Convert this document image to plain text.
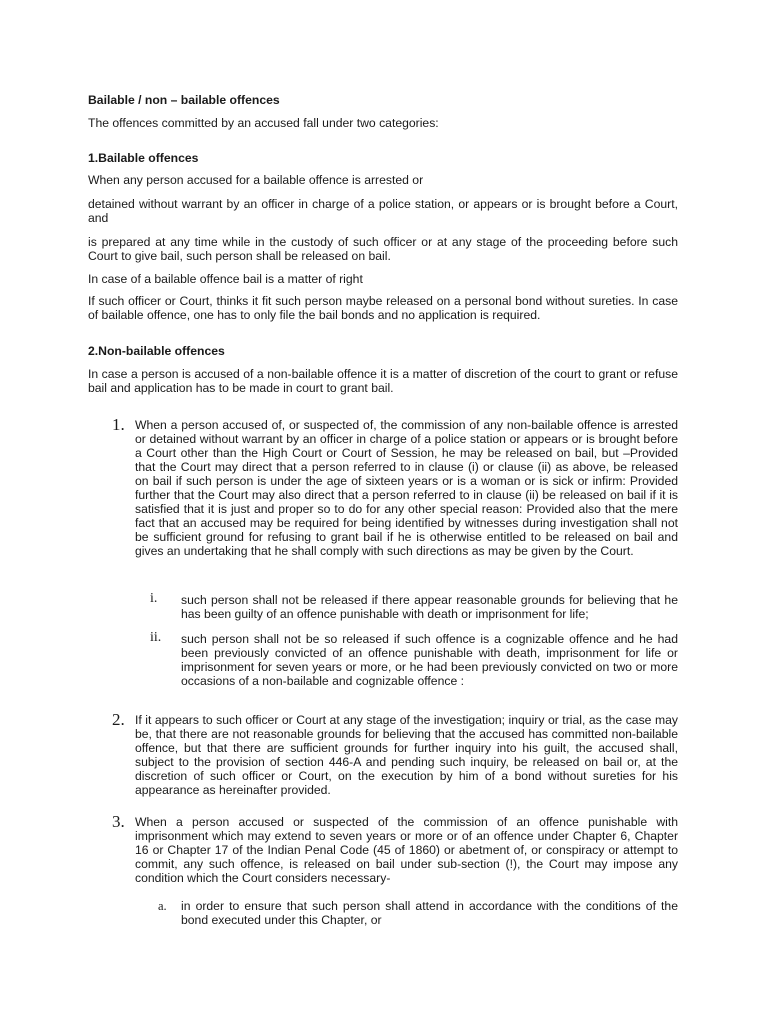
Bailable / non – bailable offences

The offences committed by an accused fall under two categories:

1.Bailable offences

When any person accused for a bailable offence is arrested or

detained without warrant by an officer in charge of a police station, or appears or is brought before a Court, and

is prepared at any time while in the custody of such officer or at any stage of the proceeding before such Court to give bail, such person shall be released on bail.

In case of a bailable offence bail is a matter of right

If such officer or Court, thinks it fit such person maybe released on a personal bond without sureties. In case of bailable offence, one has to only file the bail bonds and no application is required.

2.Non-bailable offences

In case a person is accused of a non-bailable offence it is a matter of discretion of the court to grant or refuse bail and application has to be made in court to grant bail.

1. When a person accused of, or suspected of, the commission of any non-bailable offence is arrested or detained without warrant by an officer in charge of a police station or appears or is brought before a Court other than the High Court or Court of Session, he may be released on bail, but –Provided that the Court may direct that a person referred to in clause (i) or clause (ii) as above, be released on bail if such person is under the age of sixteen years or is a woman or is sick or infirm: Provided further that the Court may also direct that a person referred to in clause (ii) be released on bail if it is satisfied that it is just and proper so to do for any other special reason: Provided also that the mere fact that an accused may be required for being identified by witnesses during investigation shall not be sufficient ground for refusing to grant bail if he is otherwise entitled to be released on bail and gives an undertaking that he shall comply with such directions as may be given by the Court.

i. such person shall not be released if there appear reasonable grounds for believing that he has been guilty of an offence punishable with death or imprisonment for life;

ii. such person shall not be so released if such offence is a cognizable offence and he had been previously convicted of an offence punishable with death, imprisonment for life or imprisonment for seven years or more, or he had been previously convicted on two or more occasions of a non-bailable and cognizable offence :

2. If it appears to such officer or Court at any stage of the investigation; inquiry or trial, as the case may be, that there are not reasonable grounds for believing that the accused has committed non-bailable offence, but that there are sufficient grounds for further inquiry into his guilt, the accused shall, subject to the provision of section 446-A and pending such inquiry, be released on bail or, at the discretion of such officer or Court, on the execution by him of a bond without sureties for his appearance as hereinafter provided.

3. When a person accused or suspected of the commission of an offence punishable with imprisonment which may extend to seven years or more or of an offence under Chapter 6, Chapter 16 or Chapter 17 of the Indian Penal Code (45 of 1860) or abetment of, or conspiracy or attempt to commit, any such offence, is released on bail under sub-section (!), the Court may impose any condition which the Court considers necessary-

a. in order to ensure that such person shall attend in accordance with the conditions of the bond executed under this Chapter, or
